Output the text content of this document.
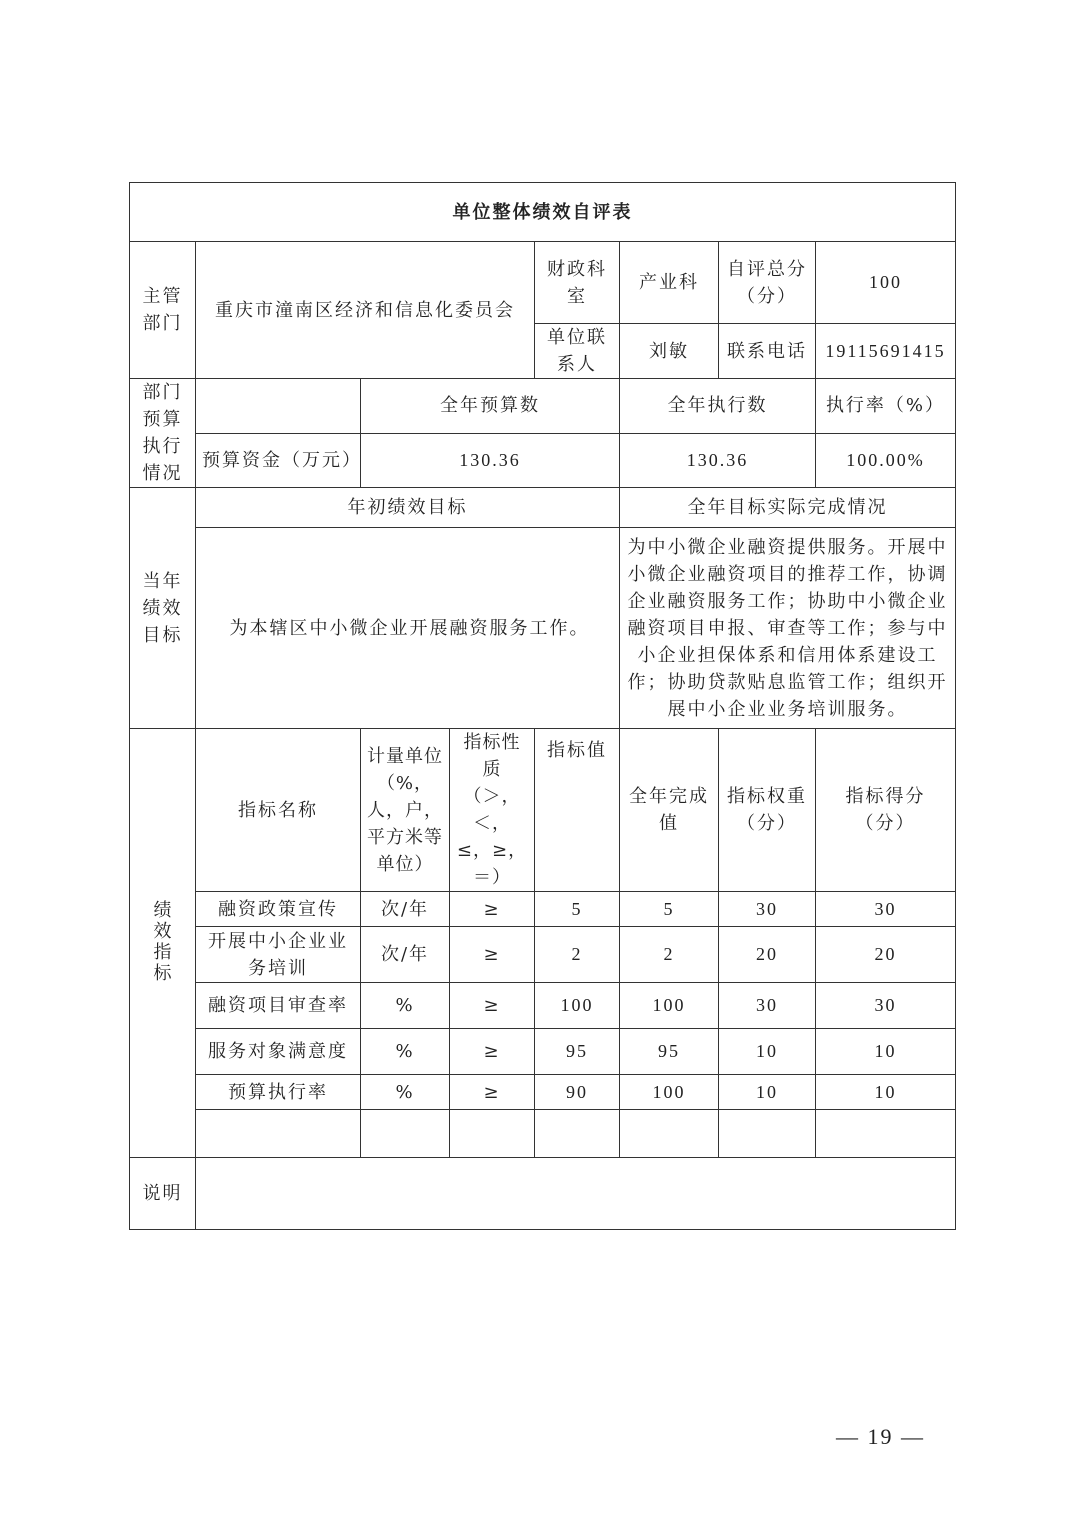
单位整体绩效自评表							
主管部门	重庆市潼南区经济和信息化委员会			财政科室	产业科	自评总分（分）	100
				单位联系人	刘敏	联系电话	19115691415
部门预算执行情况		全年预算数			全年执行数		执行率（%）
	预算资金（万元）	130.36			130.36		100.00%
当年绩效目标	年初绩效目标				全年目标实际完成情况		
	为本辖区中小微企业开展融资服务工作。				为中小微企业融资提供服务。开展中小微企业融资项目的推荐工作，协调企业融资服务工作；协助中小微企业融资项目申报、审查等工作；参与中小企业担保体系和信用体系建设工作；协助贷款贴息监管工作；组织开展中小企业业务培训服务。		
绩效指标	指标名称	计量单位（%，人，户，平方米等单位）	指标性质（＞，＜，≤，≥，＝）	指标值	全年完成值	指标权重（分）	指标得分（分）
	融资政策宣传	次/年	≥	5	5	30	30
	开展中小企业业务培训	次/年	≥	2	2	20	20
	融资项目审查率	%	≥	100	100	30	30
	服务对象满意度	%	≥	95	95	10	10
	预算执行率	%	≥	90	100	10	10

说明							
— 19 —
